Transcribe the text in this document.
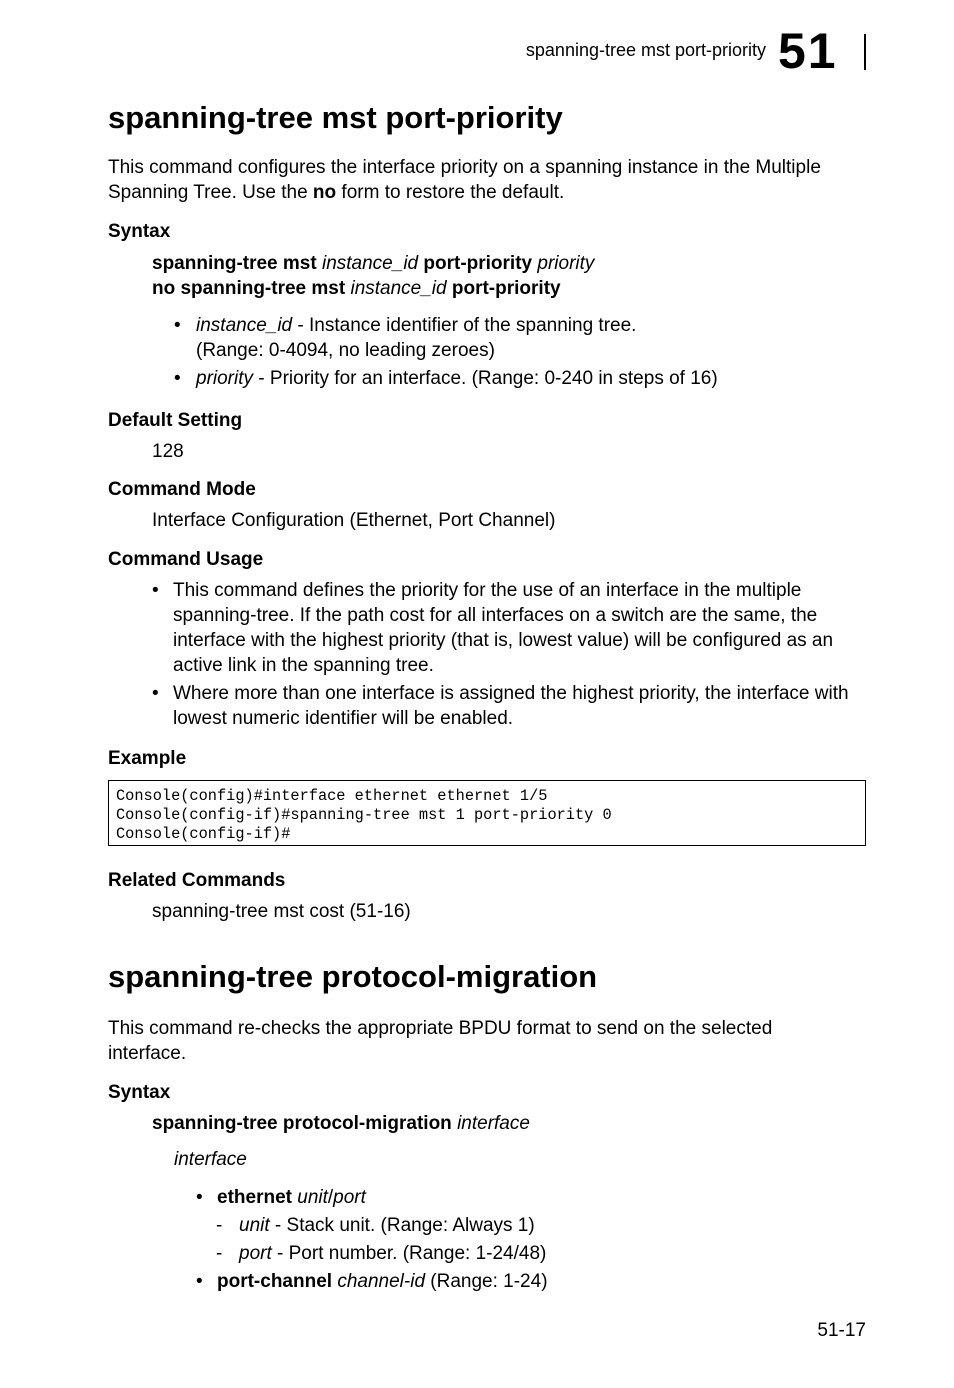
spanning-tree mst port-priority 51
spanning-tree mst port-priority

This command configures the interface priority on a spanning instance in the Multiple Spanning Tree. Use the no form to restore the default.

Syntax
spanning-tree mst instance_id port-priority priority
no spanning-tree mst instance_id port-priority
• instance_id - Instance identifier of the spanning tree.
(Range: 0-4094, no leading zeroes)
• priority - Priority for an interface. (Range: 0-240 in steps of 16)
Default Setting
128
Command Mode
Interface Configuration (Ethernet, Port Channel)
Command Usage
• This command defines the priority for the use of an interface in the multiple spanning-tree. If the path cost for all interfaces on a switch are the same, the interface with the highest priority (that is, lowest value) will be configured as an active link in the spanning tree.
• Where more than one interface is assigned the highest priority, the interface with lowest numeric identifier will be enabled.
Example
Console(config)#interface ethernet ethernet 1/5
Console(config-if)#spanning-tree mst 1 port-priority 0
Console(config-if)#
Related Commands
spanning-tree mst cost (51-16)
spanning-tree protocol-migration

This command re-checks the appropriate BPDU format to send on the selected interface.

Syntax
spanning-tree protocol-migration interface
interface
• ethernet unit/port
- unit - Stack unit. (Range: Always 1)
- port - Port number. (Range: 1-24/48)
• port-channel channel-id (Range: 1-24)
51-17
